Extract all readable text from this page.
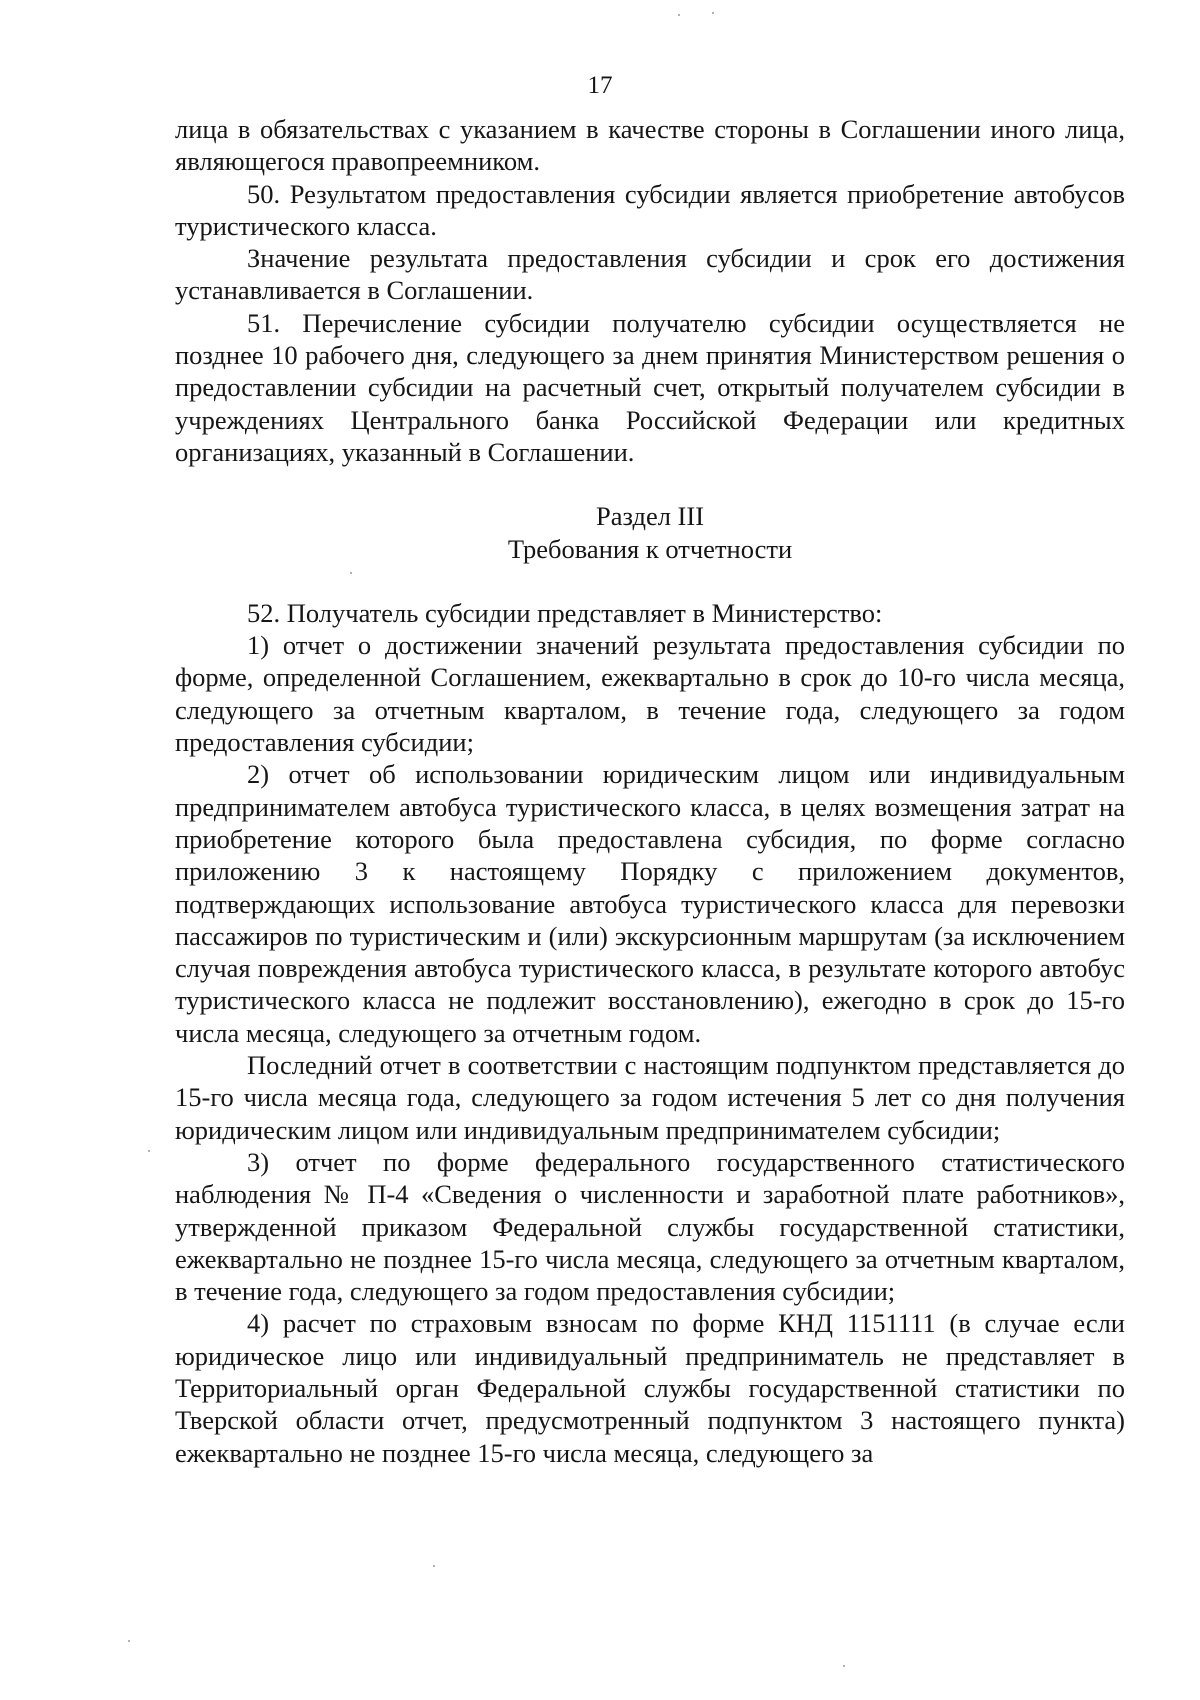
17

лица в обязательствах с указанием в качестве стороны в Соглашении иного лица, являющегося правопреемником.

50. Результатом предоставления субсидии является приобретение автобусов туристического класса.

Значение результата предоставления субсидии и срок его достижения устанавливается в Соглашении.

51. Перечисление субсидии получателю субсидии осуществляется не позднее 10 рабочего дня, следующего за днем принятия Министерством решения о предоставлении субсидии на расчетный счет, открытый получателем субсидии в учреждениях Центрального банка Российской Федерации или кредитных организациях, указанный в Соглашении.

Раздел III
Требования к отчетности

52. Получатель субсидии представляет в Министерство:

1) отчет о достижении значений результата предоставления субсидии по форме, определенной Соглашением, ежеквартально в срок до 10-го числа месяца, следующего за отчетным кварталом, в течение года, следующего за годом предоставления субсидии;

2) отчет об использовании юридическим лицом или индивидуальным предпринимателем автобуса туристического класса, в целях возмещения затрат на приобретение которого была предоставлена субсидия, по форме согласно приложению 3 к настоящему Порядку с приложением документов, подтверждающих использование автобуса туристического класса для перевозки пассажиров по туристическим и (или) экскурсионным маршрутам (за исключением случая повреждения автобуса туристического класса, в результате которого автобус туристического класса не подлежит восстановлению), ежегодно в срок до 15-го числа месяца, следующего за отчетным годом.

Последний отчет в соответствии с настоящим подпунктом представляется до 15-го числа месяца года, следующего за годом истечения 5 лет со дня получения юридическим лицом или индивидуальным предпринимателем субсидии;

3) отчет по форме федерального государственного статистического наблюдения № П-4 «Сведения о численности и заработной плате работников», утвержденной приказом Федеральной службы государственной статистики, ежеквартально не позднее 15-го числа месяца, следующего за отчетным кварталом, в течение года, следующего за годом предоставления субсидии;

4) расчет по страховым взносам по форме КНД 1151111 (в случае если юридическое лицо или индивидуальный предприниматель не представляет в Территориальный орган Федеральной службы государственной статистики по Тверской области отчет, предусмотренный подпунктом 3 настоящего пункта) ежеквартально не позднее 15-го числа месяца, следующего за
